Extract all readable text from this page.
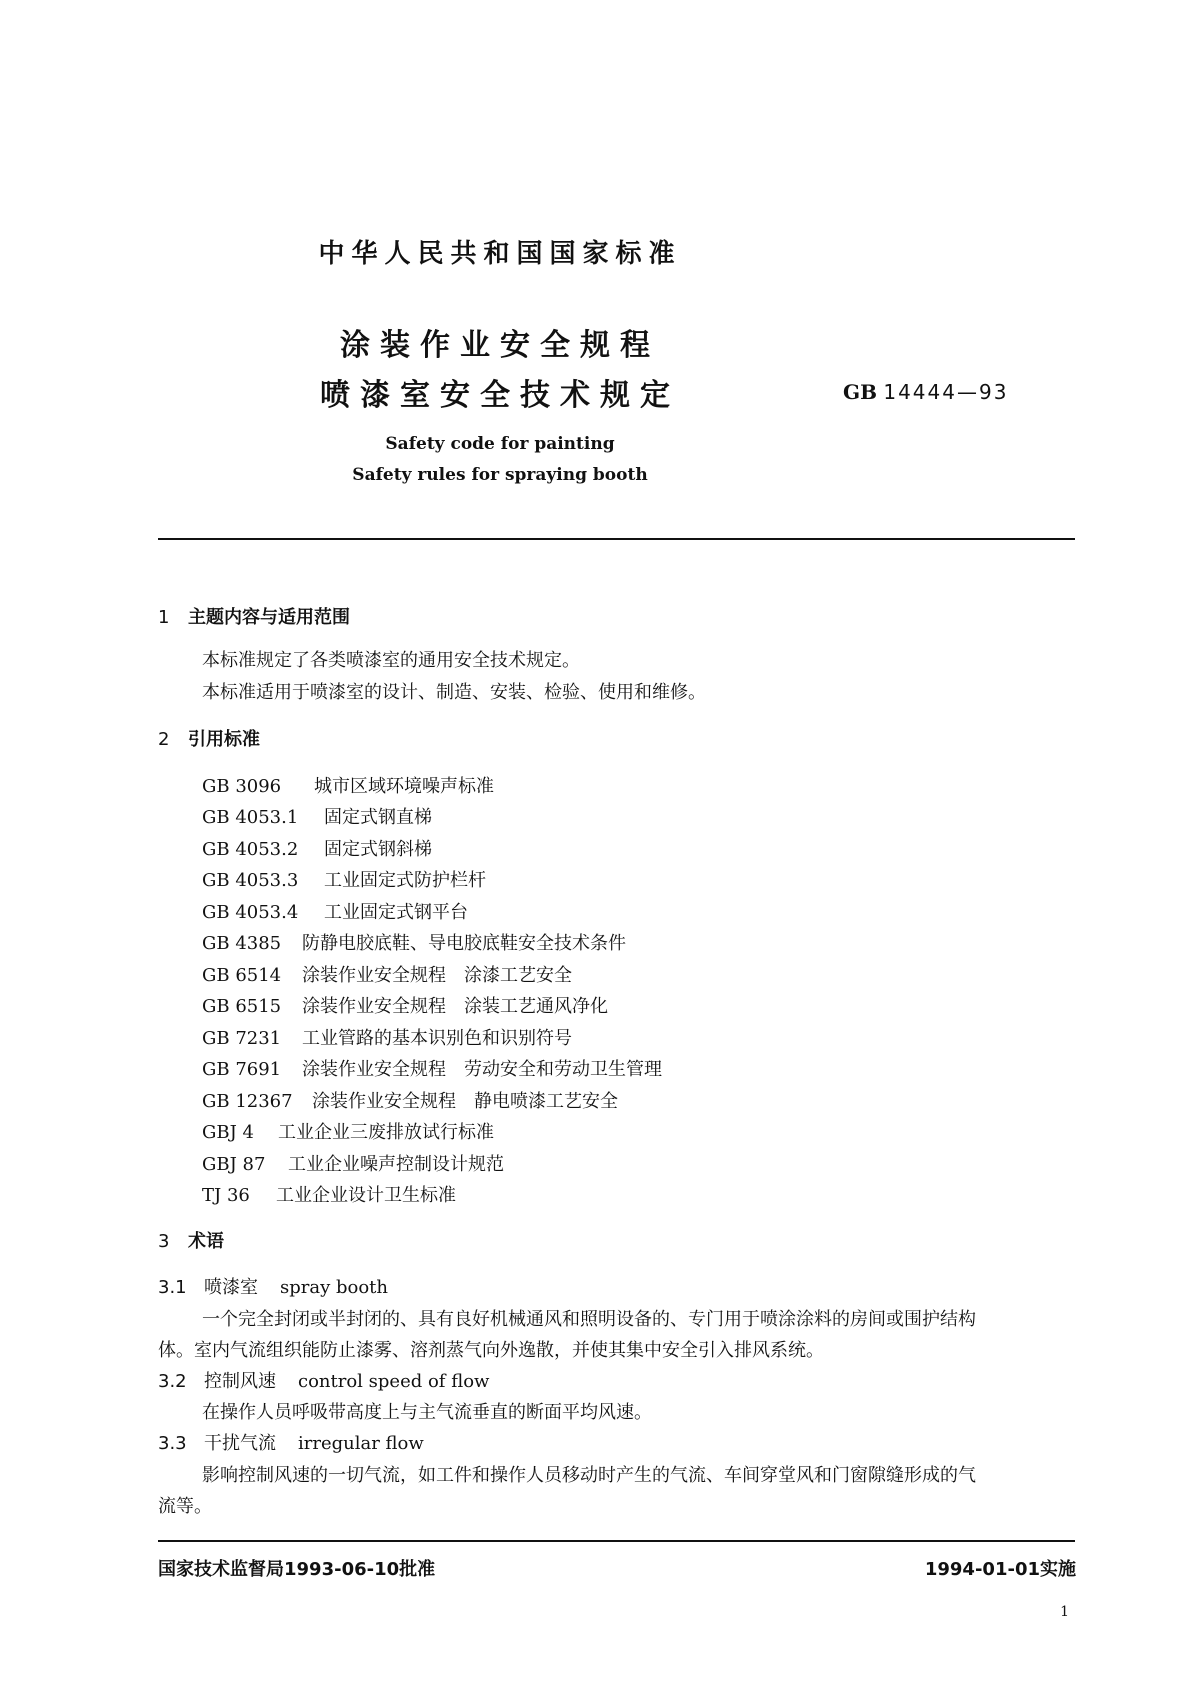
中华人民共和国国家标准
涂装作业安全规程
喷漆室安全技术规定	GB 14444—93
Safety code for painting
Safety rules for spraying booth
1 主题内容与适用范围
本标准规定了各类喷漆室的通用安全技术规定。
本标准适用于喷漆室的设计、制造、安装、检验、使用和维修。
2 引用标准
GB 3096 城市区域环境噪声标准
GB 4053.1 固定式钢直梯
GB 4053.2 固定式钢斜梯
GB 4053.3 工业固定式防护栏杆
GB 4053.4 工业固定式钢平台
GB 4385 防静电胶底鞋、导电胶底鞋安全技术条件
GB 6514 涂装作业安全规程　涂漆工艺安全
GB 6515 涂装作业安全规程　涂装工艺通风净化
GB 7231 工业管路的基本识别色和识别符号
GB 7691 涂装作业安全规程　劳动安全和劳动卫生管理
GB 12367 涂装作业安全规程　静电喷漆工艺安全
GBJ 4 工业企业三废排放试行标准
GBJ 87 工业企业噪声控制设计规范
TJ 36 工业企业设计卫生标准
3 术语
3.1 喷漆室 spray booth
一个完全封闭或半封闭的、具有良好机械通风和照明设备的、专门用于喷涂涂料的房间或围护结构
体。室内气流组织能防止漆雾、溶剂蒸气向外逸散，并使其集中安全引入排风系统。
3.2 控制风速 control speed of flow
在操作人员呼吸带高度上与主气流垂直的断面平均风速。
3.3 干扰气流 irregular flow
影响控制风速的一切气流，如工件和操作人员移动时产生的气流、车间穿堂风和门窗隙缝形成的气
流等。
国家技术监督局1993-06-10批准	1994-01-01实施
1
